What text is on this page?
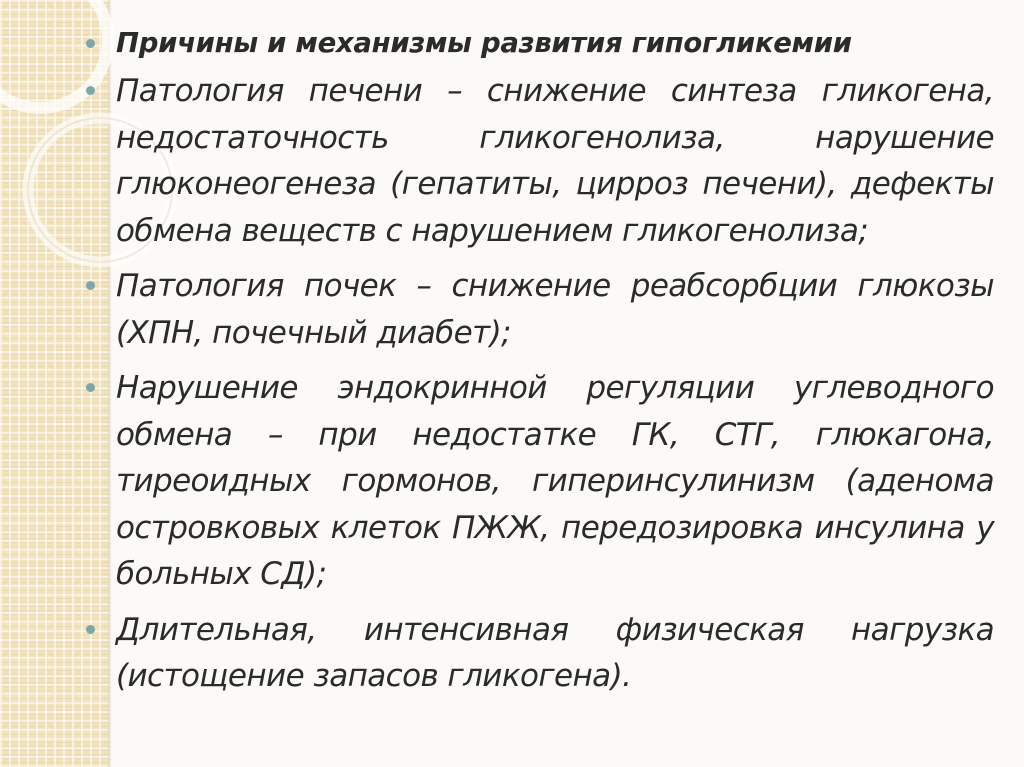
Причины и механизмы развития гипогликемии
Патология печени – снижение синтеза гликогена, недостаточность гликогенолиза, нарушение глюконеогенеза (гепатиты, цирроз печени), дефекты обмена веществ с нарушением гликогенолиза;
Патология почек – снижение реабсорбции глюкозы (ХПН, почечный диабет);
Нарушение эндокринной регуляции углеводного обмена – при недостатке ГК, СТГ, глюкагона, тиреоидных гормонов, гиперинсулинизм (аденома островковых клеток ПЖЖ, передозировка инсулина у больных СД);
Длительная, интенсивная физическая нагрузка (истощение запасов гликогена).
